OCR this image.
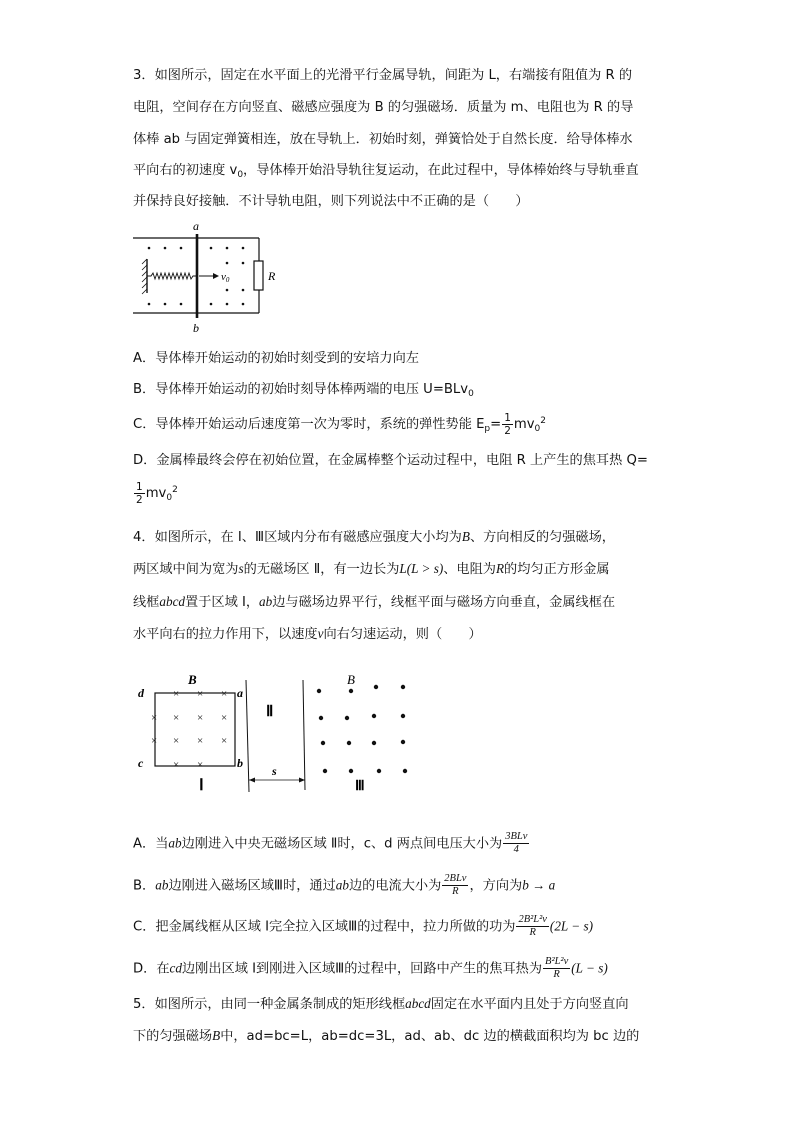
3．如图所示，固定在水平面上的光滑平行金属导轨，间距为 L，右端接有阻值为 R 的
电阻，空间存在方向竖直、磁感应强度为 B 的匀强磁场．质量为 m、电阻也为 R 的导
体棒 ab 与固定弹簧相连，放在导轨上．初始时刻，弹簧恰处于自然长度．给导体棒水
平向右的初速度 $v_0$，导体棒开始沿导轨往复运动，在此过程中，导体棒始终与导轨垂直
并保持良好接触．不计导轨电阻，则下列说法中不正确的是（　　）
v0	R
a
b
A．导体棒开始运动的初始时刻受到的安培力向左
B．导体棒开始运动的初始时刻导体棒两端的电压 U=BLv$_0$
C．导体棒开始运动后速度第一次为零时，系统的弹性势能 $E_p= \frac{1}{2} mv_0^2$
D．金属棒最终会停在初始位置，在金属棒整个运动过程中，电阻 R 上产生的焦耳热 Q=
$\frac{1}{2} mv_0^2$
4．如图所示，在 Ⅰ、Ⅲ区域内分布有磁感应强度大小均为B、方向相反的匀强磁场，
两区域中间为宽为s的无磁场区 Ⅱ，有一边长为L(L > s)、电阻为R的均匀正方形金属
线框abcd置于区域 Ⅰ，ab边与磁场边界平行，线框平面与磁场方向垂直，金属线框在
水平向右的拉力作用下，以速度v向右匀速运动，则（　　）
B	B
d	a
c	b
× × ×
× × × ×
× × × ×
× ×
Ⅰ
Ⅱ
s
Ⅲ
A．当ab边刚进入中央无磁场区域 Ⅱ时，c、d 两点间电压大小为 $\frac{\text{3BLv}}{4}$
B．ab边刚进入磁场区域Ⅲ时，通过ab边的电流大小为 $\frac{\text{2BLv}}{R}$ ，方向为b → a
C．把金属线框从区域 Ⅰ完全拉入区域Ⅲ的过程中，拉力所做的功为 $\frac{\text{2B²L²v}}{R} (2L - s)$
D．在cd边刚出区域 Ⅰ到刚进入区域Ⅲ的过程中，回路中产生的焦耳热为 $\frac{\text{B²L²v}}{R} (L - s)$
5．如图所示，由同一种金属条制成的矩形线框abcd固定在水平面内且处于方向竖直向
下的匀强磁场B中，ad=bc=L，ab=dc=3L，ad、ab、dc 边的横截面积均为 bc 边的
